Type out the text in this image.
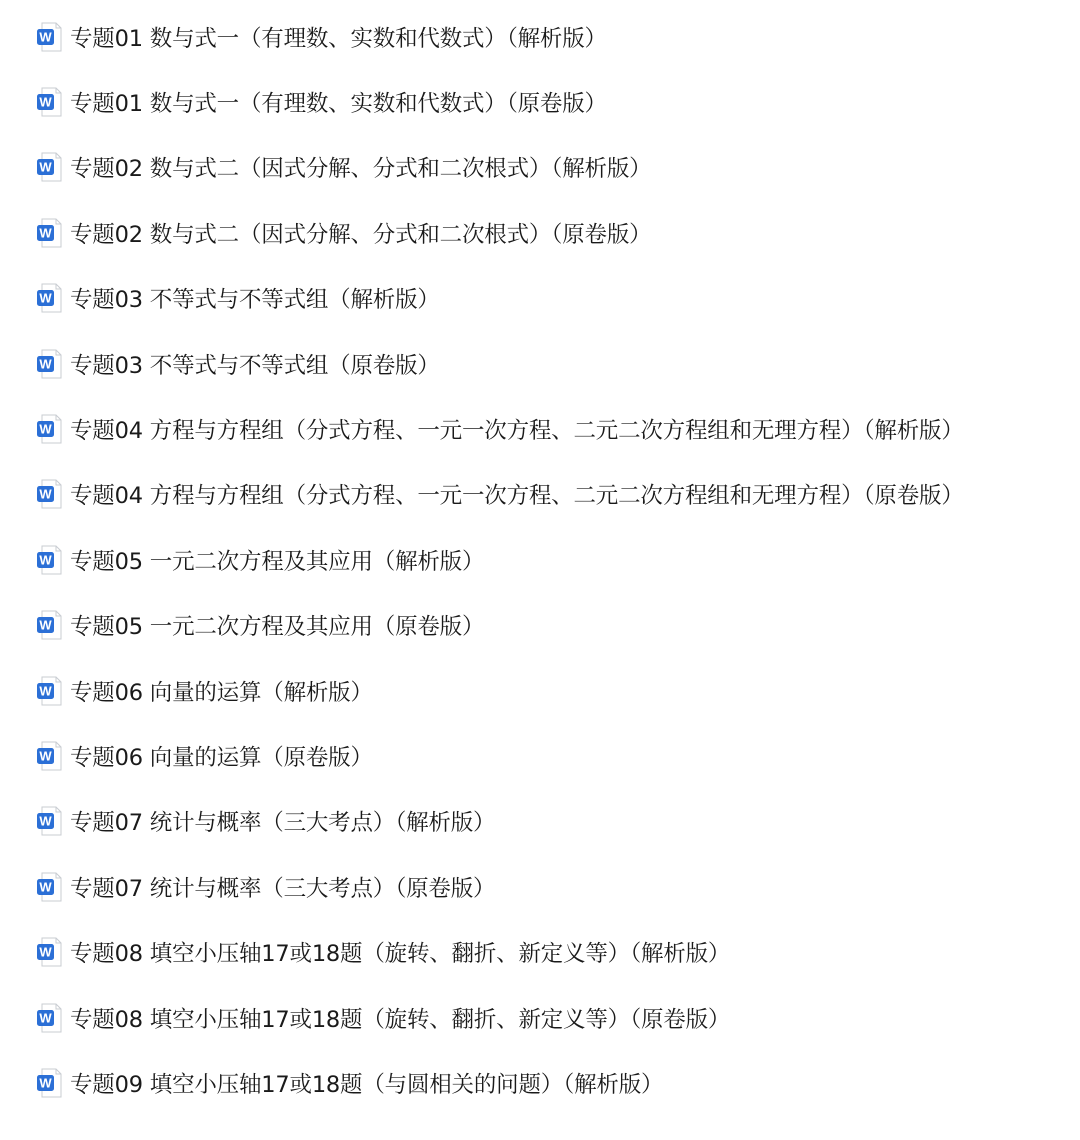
W 专题01 数与式一（有理数、实数和代数式）（解析版）
W 专题01 数与式一（有理数、实数和代数式）（原卷版）
W 专题02 数与式二（因式分解、分式和二次根式）（解析版）
W 专题02 数与式二（因式分解、分式和二次根式）（原卷版）
W 专题03 不等式与不等式组（解析版）
W 专题03 不等式与不等式组（原卷版）
W 专题04 方程与方程组（分式方程、一元一次方程、二元二次方程组和无理方程）（解析版）
W 专题04 方程与方程组（分式方程、一元一次方程、二元二次方程组和无理方程）（原卷版）
W 专题05 一元二次方程及其应用（解析版）
W 专题05 一元二次方程及其应用（原卷版）
W 专题06 向量的运算（解析版）
W 专题06 向量的运算（原卷版）
W 专题07 统计与概率（三大考点）（解析版）
W 专题07 统计与概率（三大考点）（原卷版）
W 专题08 填空小压轴17或18题（旋转、翻折、新定义等）（解析版）
W 专题08 填空小压轴17或18题（旋转、翻折、新定义等）（原卷版）
W 专题09 填空小压轴17或18题（与圆相关的问题）（解析版）
